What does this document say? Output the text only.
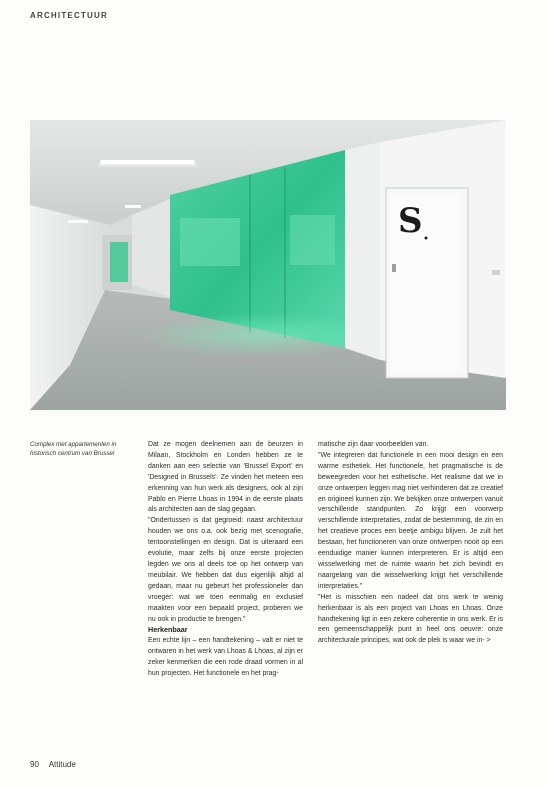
ARCHITECTUUR
S
Complex met appartementen in historisch centrum van Brussel

Dat ze mogen deelnemen aan de beurzen in Milaan, Stockholm en Londen hebben ze te danken aan een selectie van 'Brussel Export' en 'Designed in Brussels'. Ze vinden het meteen een erkenning van hun werk als designers, ook al zijn Pablo en Pierre Lhoas in 1994 in de eerste plaats als architecten aan de slag gegaan.

"Ondertussen is dat gegroeid: naast architectuur houden we ons o.a. ook bezig met scenografie, tentoonstellingen en design. Dat is uiteraard een evolutie, maar zelfs bij onze eerste projecten legden we ons al deels toe op het ontwerp van meubilair. We hebben dat dus eigenlijk altijd al gedaan, maar nu gebeurt het professioneler dan vroeger: wat we toen eenmalig en exclusief maakten voor een bepaald project, proberen we nu ook in productie te brengen."

Herkenbaar

Een echte lijn – een handtekening – valt er niet te ontwaren in het werk van Lhoas & Lhoas, al zijn er zeker kenmerken die een rode draad vormen in al hun projecten. Het functionele en het prag-

matische zijn daar voorbeelden van.

"We integreren dat functionele in een mooi design en een warme esthetiek. Het functionele, het pragmatische is de beweegreden voor het esthetische. Het realisme dat we in onze ontwerpen leggen mag niet verhinderen dat ze creatief en origineel kunnen zijn. We bekijken onze ontwerpen vanuit verschillende standpunten. Zo krijgt een voorwerp verschillende interpretaties, zodat de bestemming, de zin en het creatieve proces een beetje ambigu blijven. Je zult het bestaan, het functioneren van onze ontwerpen nooit op een eenduidige manier kunnen interpreteren. Er is altijd een wisselwerking met de ruimte waarin het zich bevindt en naargelang van die wisselwerking krijgt het verschillende interpretaties."

"Het is misschien een nadeel dat ons werk te weinig herkenbaar is als een project van Lhoas en Lhoas. Onze handtekening ligt in een zekere coherentie in ons werk. Er is een gemeenschappelijk punt in heel ons oeuvre: onze architecturale principes, wat ook de plek is waar we in- >

90 Attitude
